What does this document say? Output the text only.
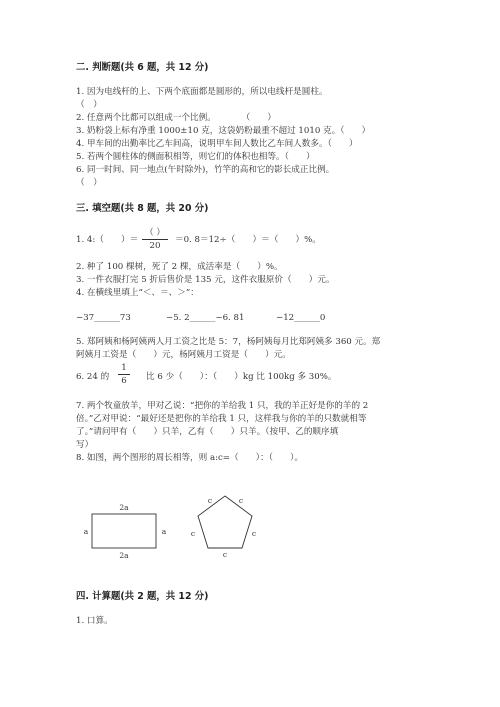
二. 判断题(共 6 题，共 12 分)
1. 因为电线杆的上、下两个底面都是圆形的，所以电线杆是圆柱。
（　）
2. 任意两个比都可以组成一个比例。　　　　（　　）
3. 奶粉袋上标有净重 1000±10 克，这袋奶粉最重不超过 1010 克。（　　）
4. 甲车间的出勤率比乙车间高，说明甲车间人数比乙车间人数多。（　　）
5. 若两个圆柱体的侧面积相等，则它们的体积也相等。（　　）
6. 同一时间、同一地点(午时除外)，竹竿的高和它的影长成正比例。
（　）
三. 填空题(共 8 题，共 20 分)
1. 4:（　　）＝
（ ）
20
＝0. 8＝12÷（　　）＝（　　）%。
2. 种了 100 棵树，死了 2 棵，成活率是（　　）%。
3. 一件衣服打完 5 折后售价是 135 元，这件衣服原价（　　）元。
4. 在横线里填上“＜、＝、＞”：
−37______73	−5. 2______−6. 81	−12______0
5. 郑阿姨和杨阿姨两人月工资之比是 5：7，杨阿姨每月比郑阿姨多 360 元。郑
阿姨月工资是（　　）元，杨阿姨月工资是（　　）元。
6. 24 的
1
6	比 6 少（　　）：（　　）kg 比 100kg 多 30%。
7. 两个牧童放羊，甲对乙说：“把你的羊给我 1 只，我的羊正好是你的羊的 2
倍。”乙对甲说：“最好还是把你的羊给我 1 只，这样我与你的羊的只数就相等
了。”请问甲有（　　）只羊，乙有（　　）只羊。（按甲、乙的顺序填
写）
8. 如图，两个图形的周长相等，则 a:c=（　　）：（　　）。
2a
2a
a	a
c	c
c	c
c
四. 计算题(共 2 题，共 12 分)
1. 口算。
